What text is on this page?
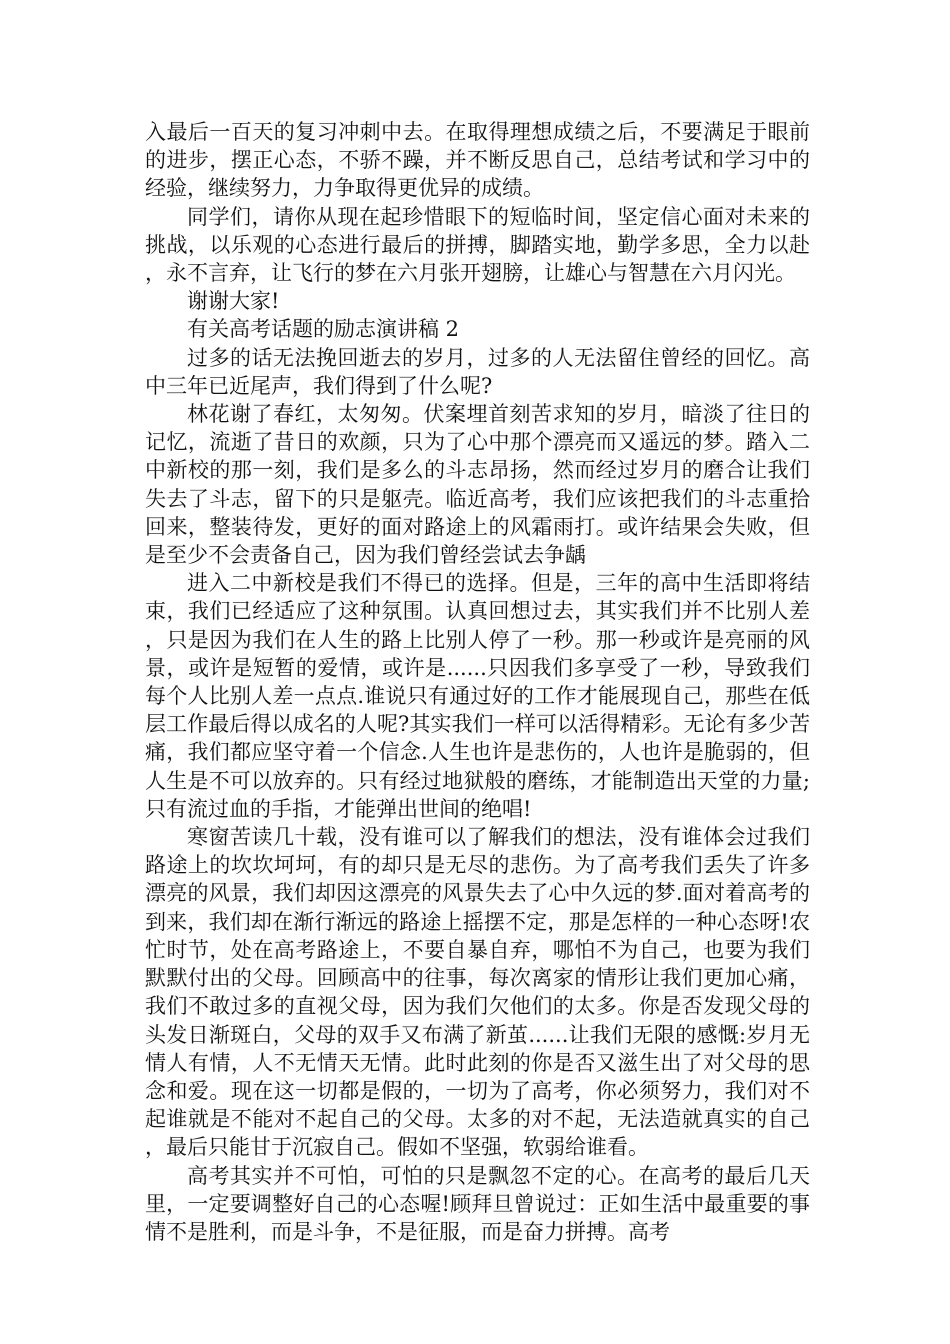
入最后一百天的复习冲刺中去。在取得理想成绩之后，不要满足于眼前的进步，摆正心态，不骄不躁，并不断反思自己，总结考试和学习中的经验，继续努力，力争取得更优异的成绩。

同学们，请你从现在起珍惜眼下的短临时间，坚定信心面对未来的挑战，以乐观的心态进行最后的拼搏，脚踏实地，勤学多思，全力以赴，永不言弃，让飞行的梦在六月张开翅膀，让雄心与智慧在六月闪光。

谢谢大家!

有关高考话题的励志演讲稿 2

过多的话无法挽回逝去的岁月，过多的人无法留住曾经的回忆。高中三年已近尾声，我们得到了什么呢?

林花谢了春红，太匆匆。伏案埋首刻苦求知的岁月，暗淡了往日的记忆，流逝了昔日的欢颜，只为了心中那个漂亮而又遥远的梦。踏入二中新校的那一刻，我们是多么的斗志昂扬，然而经过岁月的磨合让我们失去了斗志，留下的只是躯壳。临近高考，我们应该把我们的斗志重拾回来，整装待发，更好的面对路途上的风霜雨打。或许结果会失败，但是至少不会责备自己，因为我们曾经尝试去争龋

进入二中新校是我们不得已的选择。但是，三年的高中生活即将结束，我们已经适应了这种氛围。认真回想过去，其实我们并不比别人差，只是因为我们在人生的路上比别人停了一秒。那一秒或许是亮丽的风景，或许是短暂的爱情，或许是......只因我们多享受了一秒，导致我们每个人比别人差一点点.谁说只有通过好的工作才能展现自己，那些在低层工作最后得以成名的人呢?其实我们一样可以活得精彩。无论有多少苦痛，我们都应坚守着一个信念.人生也许是悲伤的，人也许是脆弱的，但人生是不可以放弃的。只有经过地狱般的磨练，才能制造出天堂的力量;只有流过血的手指，才能弹出世间的绝唱!

寒窗苦读几十载，没有谁可以了解我们的想法，没有谁体会过我们路途上的坎坎坷坷，有的却只是无尽的悲伤。为了高考我们丢失了许多漂亮的风景，我们却因这漂亮的风景失去了心中久远的梦.面对着高考的到来，我们却在渐行渐远的路途上摇摆不定，那是怎样的一种心态呀!农忙时节，处在高考路途上，不要自暴自弃，哪怕不为自己，也要为我们默默付出的父母。回顾高中的往事，每次离家的情形让我们更加心痛，我们不敢过多的直视父母，因为我们欠他们的太多。你是否发现父母的头发日渐斑白，父母的双手又布满了新茧......让我们无限的感慨:岁月无情人有情，人不无情天无情。此时此刻的你是否又滋生出了对父母的思念和爱。现在这一切都是假的，一切为了高考，你必须努力，我们对不起谁就是不能对不起自己的父母。太多的对不起，无法造就真实的自己，最后只能甘于沉寂自己。假如不坚强，软弱给谁看。

高考其实并不可怕，可怕的只是飘忽不定的心。在高考的最后几天里，一定要调整好自己的心态喔!顾拜旦曾说过：正如生活中最重要的事情不是胜利，而是斗争，不是征服，而是奋力拼搏。高考
